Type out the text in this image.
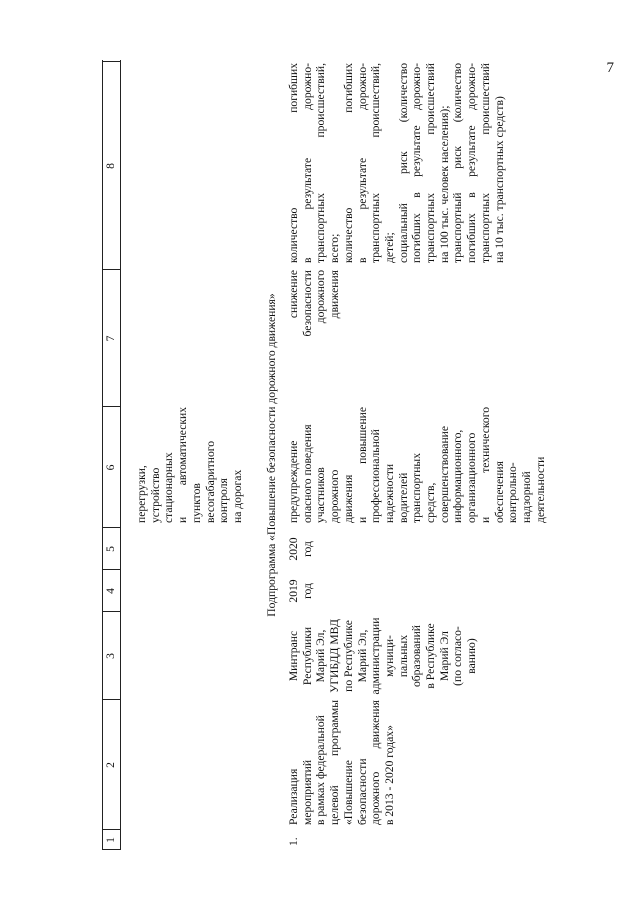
7
1
2
3
4
5
6
7
8
перегрузки, устройство стационарных и автоматических пунктов весогабаритного контроля на дорогах Подпрограмма «Повышение безопасности дорожного движения»
1.
Реализация мероприятий в рамках федеральной целевой программы «Повышение безопасности дорожного движения в 2013 - 2020 годах»
Минтранс Республики Марий Эл, УГИБДД МВД по Республике Марий Эл, администрации муници- пальных образований в Республике Марий Эл (по согласо- ванию)
2019 год
2020 год
предупреждение опасного поведения участников дорожного движения и повышение профессиональной надежности водителей транспортных средств, совершенствование информационного, организационного и технического обеспечения контрольно- надзорной деятельности
снижение безопасности дорожного движения
количество погибших в результате дорожно- транспортных происшествий, всего; количество погибших в результате дорожно- транспортных происшествий, детей; социальный риск (количество погибших в результате дорожно- транспортных происшествий на 100 тыс. человек населения); транспортный риск (количество погибших в результате дорожно- транспортных происшествий на 10 тыс. транспортных средств)
